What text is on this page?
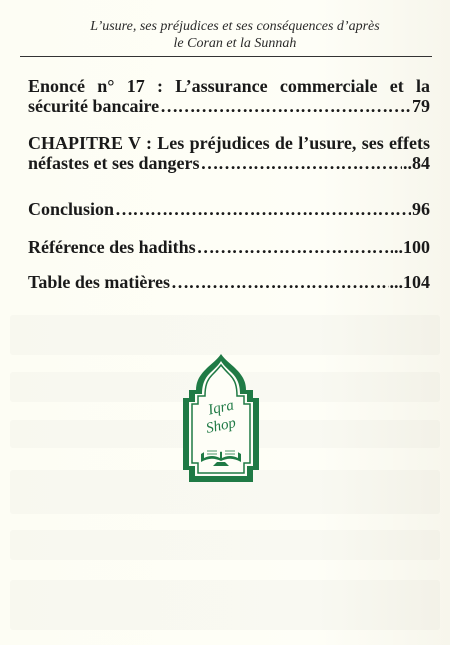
L’usure, ses préjudices et ses conséquences d’après
le Coran et la Sunnah
Enoncé n° 17 : L’assurance commerciale et la
sécurité bancaire ……………………………………………………………………………………………………………………	79
CHAPITRE V : Les préjudices de l’usure, ses effets
néfastes et ses dangers ……………………………………………………………………………………………………………………	..84
Conclusion ……………………………………………………………………………………………………………………	96
Référence des hadiths ……………………………………………………………………………………………………………………	..100
Table des matières ……………………………………………………………………………………………………………………	...104
Iqra
Shop
